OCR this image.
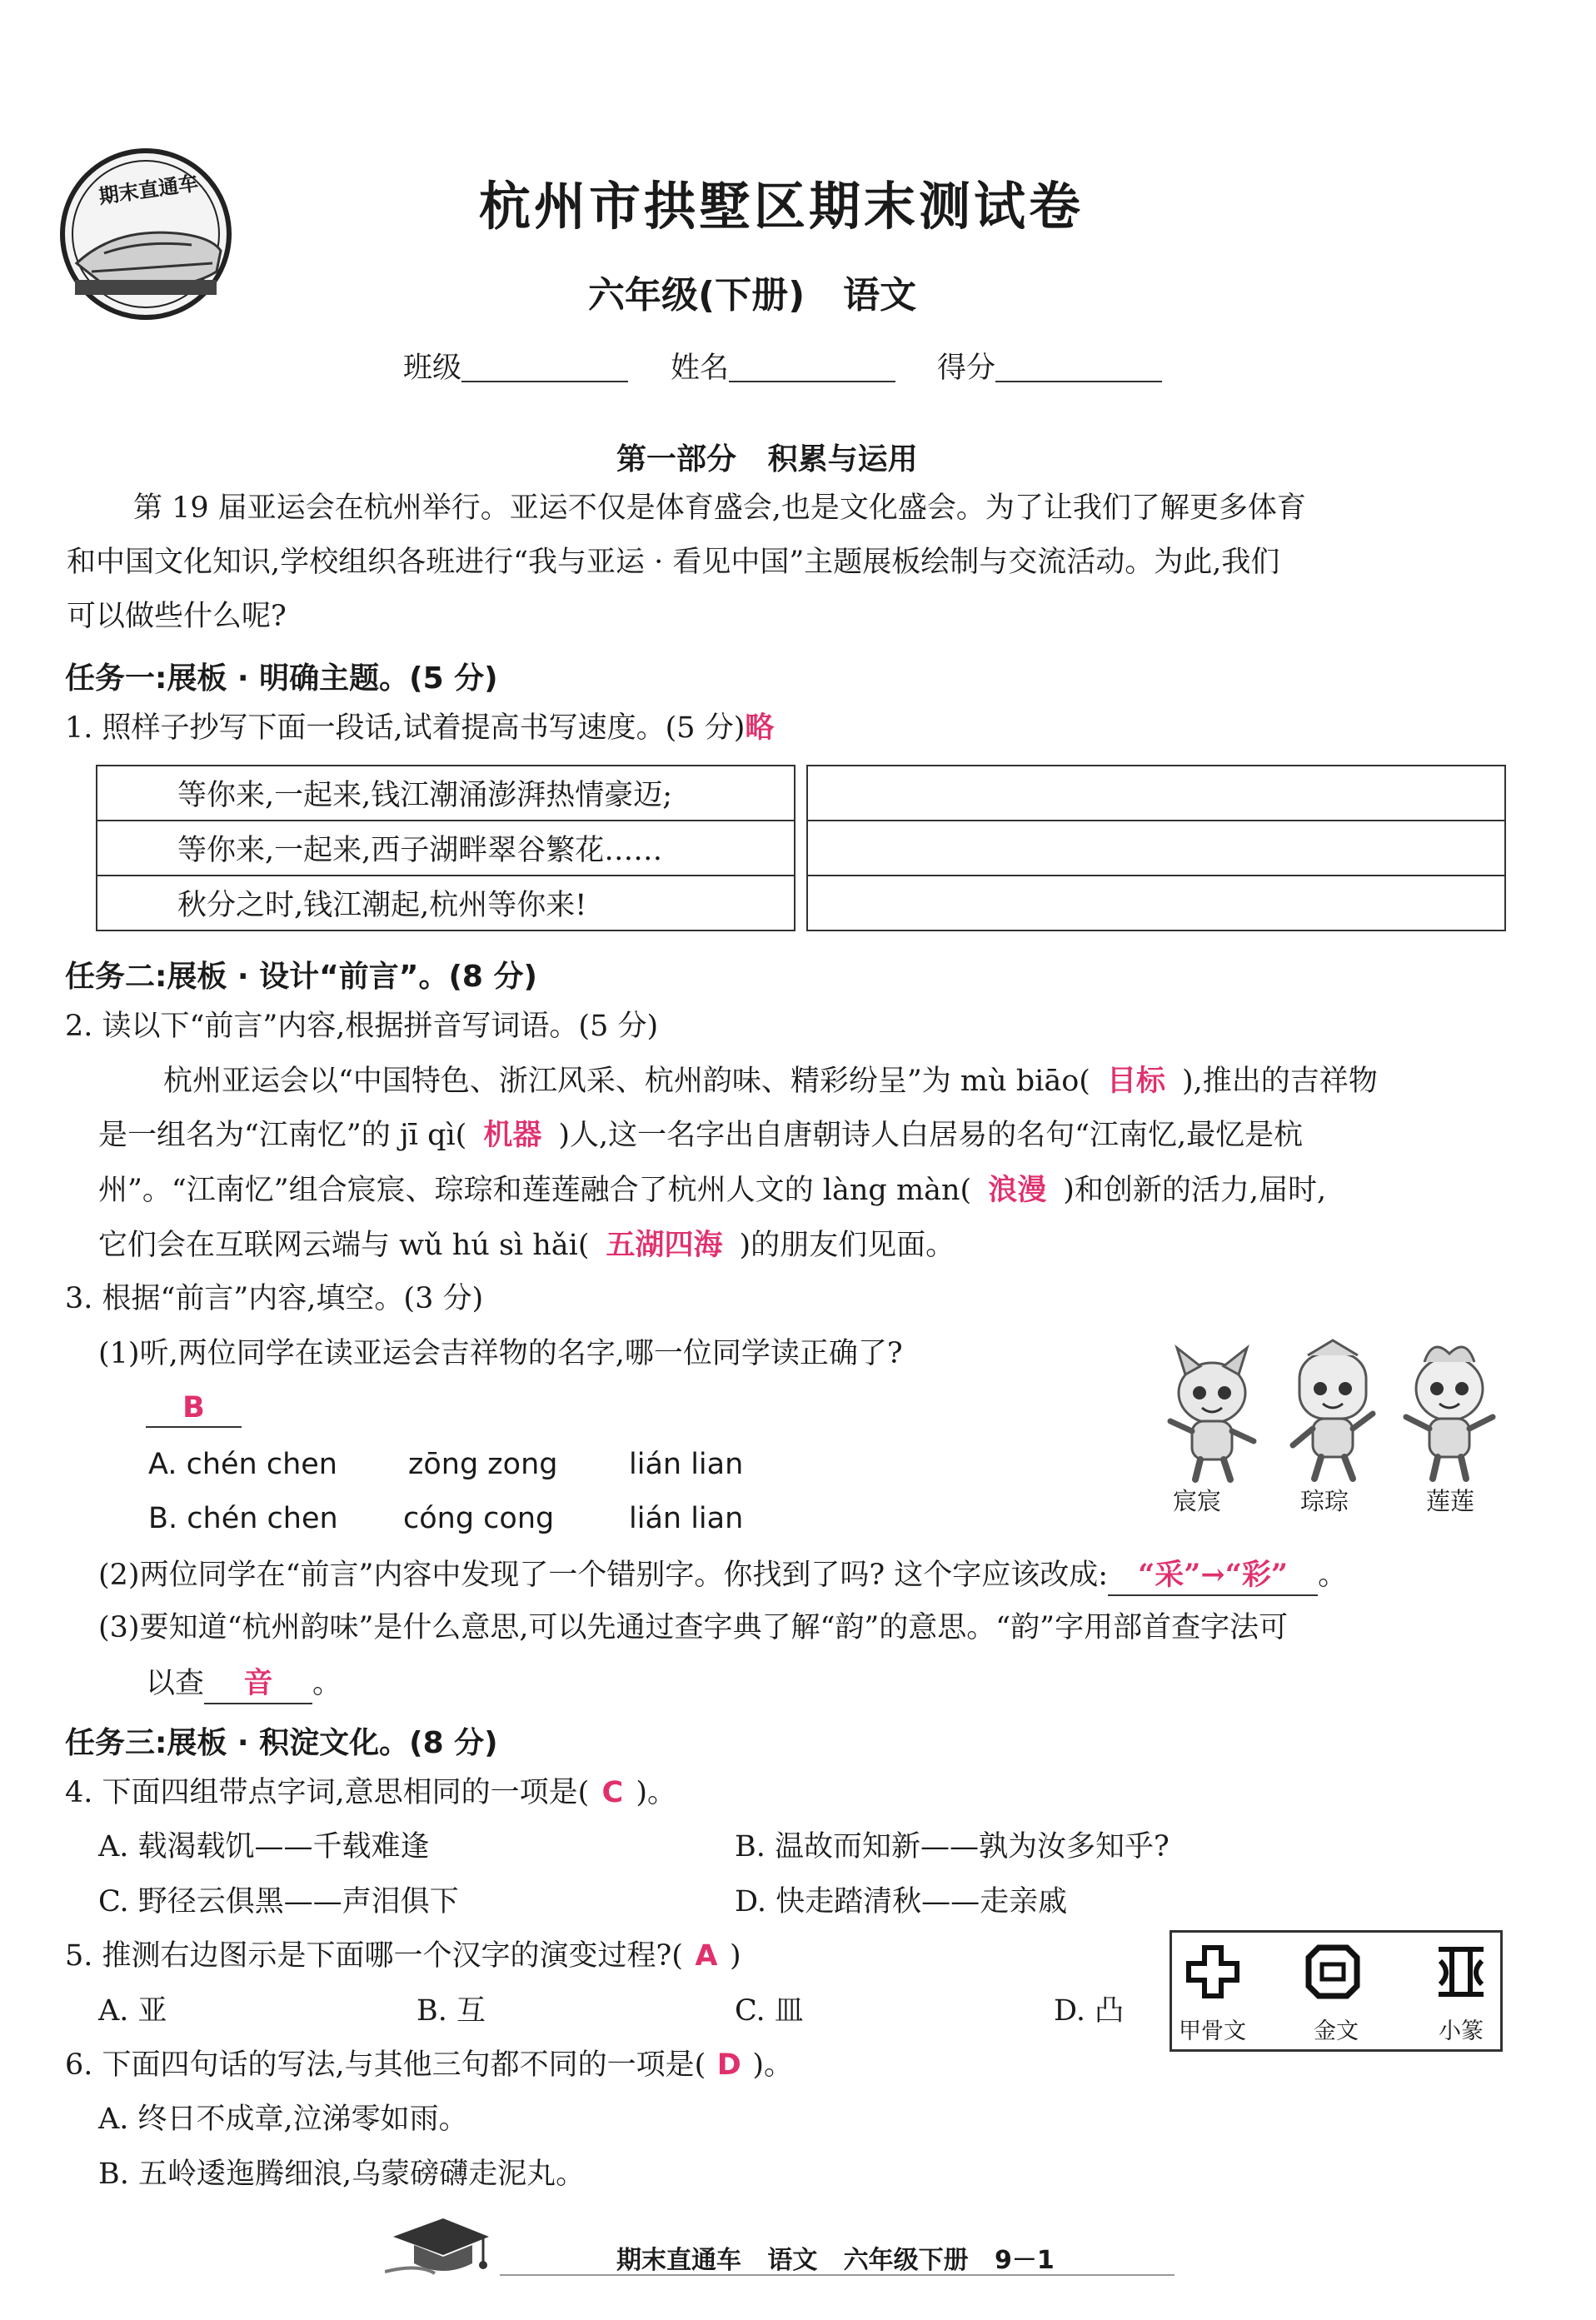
期末直通车	杭州市拱墅区期末测试卷
六年级(下册)   语文
班级	姓名	得分
第一部分   积累与运用
第 19 届亚运会在杭州举行。亚运不仅是体育盛会,也是文化盛会。为了让我们了解更多体育
和中国文化知识,学校组织各班进行“我与亚运 · 看见中国”主题展板绘制与交流活动。为此,我们
可以做些什么呢?
任务一:展板 · 明确主题。(5 分)
1. 照样子抄写下面一段话,试着提高书写速度。(5 分)略
等你来,一起来,钱江潮涌澎湃热情豪迈;
等你来,一起来,西子湖畔翠谷繁花……
秋分之时,钱江潮起,杭州等你来!

任务二:展板 · 设计“前言”。(8 分)
2. 读以下“前言”内容,根据拼音写词语。(5 分)
杭州亚运会以“中国特色、浙江风采、杭州韵味、精彩纷呈”为 mù biāo( 目标 ),推出的吉祥物
是一组名为“江南忆”的 jī qì( 机器 )人,这一名字出自唐朝诗人白居易的名句“江南忆,最忆是杭
州”。“江南忆”组合宸宸、琮琮和莲莲融合了杭州人文的 làng màn( 浪漫 )和创新的活力,届时,
它们会在互联网云端与 wǔ hú sì hǎi( 五湖四海 )的朋友们见面。
3. 根据“前言”内容,填空。(3 分)
(1)听,两位同学在读亚运会吉祥物的名字,哪一位同学读正确了?
B
A. chén chen zōng zong lián lian
B. chén chen cóng cong	lián lian
宸宸	琮琮	莲莲
(2)两位同学在“前言”内容中发现了一个错别字。你找到了吗? 这个字应该改成: “采”→“彩” 。
(3)要知道“杭州韵味”是什么意思,可以先通过查字典了解“韵”的意思。“韵”字用部首查字法可
以查 音 。
任务三:展板 · 积淀文化。(8 分)
4. 下面四组带点字词,意思相同的一项是( C )。
A. 载渴载饥——千载难逢	B. 温故而知新——孰为汝多知乎?
C. 野径云俱黑——声泪俱下	D. 快走踏清秋——走亲戚
5. 推测右边图示是下面哪一个汉字的演变过程?( A )
A. 亚	B. 互	C. 皿	D. 凸
甲骨文	金文	小篆
6. 下面四句话的写法,与其他三句都不同的一项是( D )。
A. 终日不成章,泣涕零如雨。
B. 五岭逶迤腾细浪,乌蒙磅礴走泥丸。
期末直通车   语文   六年级下册   9－1
